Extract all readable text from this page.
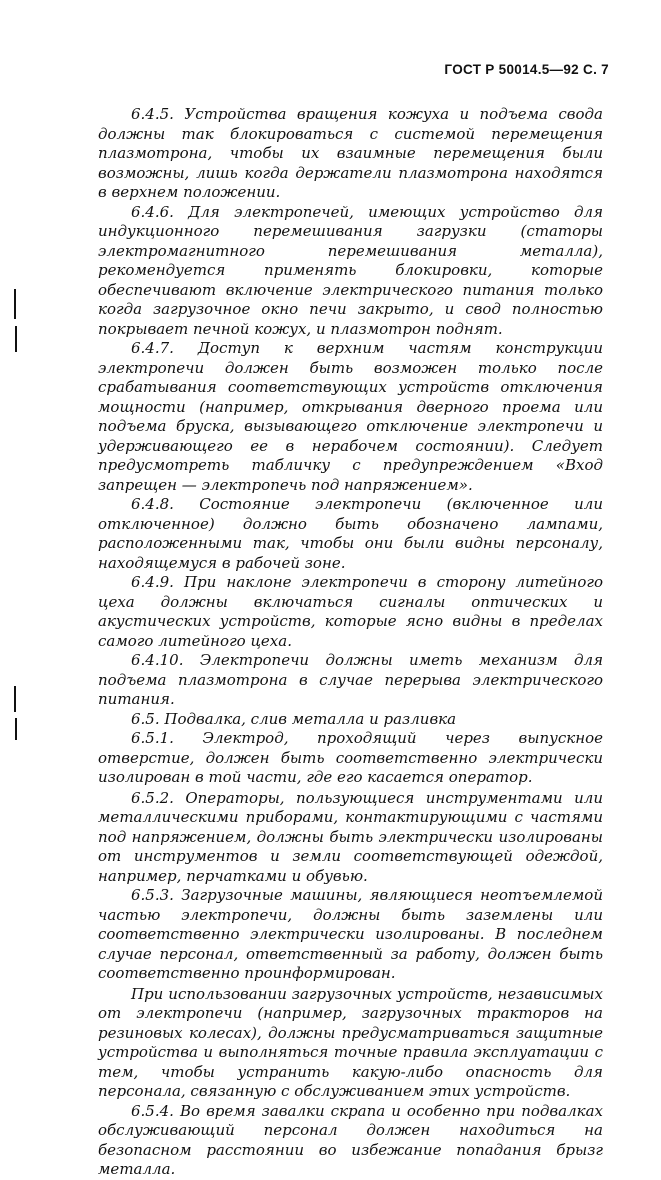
ГОСТ Р 50014.5—92 С. 7

6.4.5. Устройства вращения кожуха и подъема свода должны так блокироваться с системой перемещения плазмотрона, чтобы их взаимные перемещения были возможны, лишь когда держатели плазмотрона находятся в верхнем положении.

6.4.6. Для электропечей, имеющих устройство для индукционного перемешивания загрузки (статоры электромагнитного перемешивания металла), рекомендуется применять блокировки, которые обеспечивают включение электрического питания только когда загрузочное окно печи закрыто, и свод полностью покрывает печной кожух, и плазмотрон поднят.

6.4.7. Доступ к верхним частям конструкции электропечи должен быть возможен только после срабатывания соответствующих устройств отключения мощности (например, открывания дверного проема или подъема бруска, вызывающего отключение электропечи и удерживающего ее в нерабочем состоянии). Следует предусмотреть табличку с предупреждением «Вход запрещен — электропечь под напряжением».

6.4.8. Состояние электропечи (включенное или отключенное) должно быть обозначено лампами, расположенными так, чтобы они были видны персоналу, находящемуся в рабочей зоне.

6.4.9. При наклоне электропечи в сторону литейного цеха должны включаться сигналы оптических и акустических устройств, которые ясно видны в пределах самого литейного цеха.

6.4.10. Электропечи должны иметь механизм для подъема плазмотрона в случае перерыва электрического питания.

6.5. Подвалка, слив металла и разливка

6.5.1. Электрод, проходящий через выпускное отверстие, должен быть соответственно электрически изолирован в той части, где его касается оператор.

6.5.2. Операторы, пользующиеся инструментами или металлическими приборами, контактирующими с частями под напряжением, должны быть электрически изолированы от инструментов и земли соответствующей одеждой, например, перчатками и обувью.

6.5.3. Загрузочные машины, являющиеся неотъемлемой частью электропечи, должны быть заземлены или соответственно электрически изолированы. В последнем случае персонал, ответственный за работу, должен быть соответственно проинформирован.

При использовании загрузочных устройств, независимых от электропечи (например, загрузочных тракторов на резиновых колесах), должны предусматриваться защитные устройства и выполняться точные правила эксплуатации с тем, чтобы устранить какую-либо опасность для персонала, связанную с обслуживанием этих устройств.

6.5.4. Во время завалки скрапа и особенно при подвалках обслуживающий персонал должен находиться на безопасном расстоянии во избежание попадания брызг металла.
